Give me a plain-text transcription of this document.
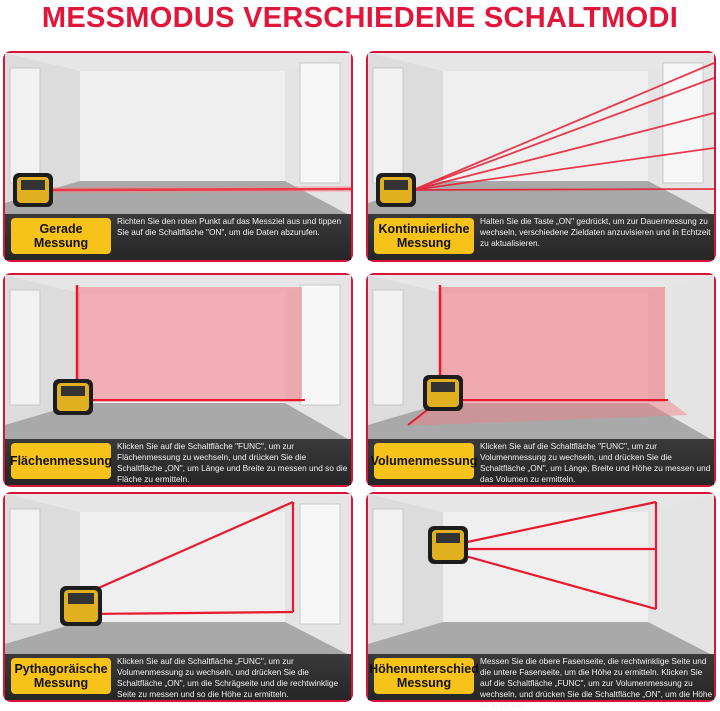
MESSMODUS VERSCHIEDENE SCHALTMODI
Gerade
Messung
Richten Sie den roten Punkt auf das Messziel aus und tippen Sie auf die Schaltfläche "ON", um die Daten abzurufen.	Kontinuierliche
Messung
Halten Sie die Taste „ON" gedrückt, um zur Dauermessung zu wechseln, verschiedene Zieldaten anzuvisieren und in Echtzeit zu aktualisieren.
Flächenmessung
Klicken Sie auf die Schaltfläche "FUNC", um zur Flächenmessung zu wechseln, und drücken Sie die Schaltfläche „ON", um Länge und Breite zu messen und so die Fläche zu ermitteln.
Volumenmessung
Klicken Sie auf die Schaltfläche "FUNC", um zur Volumenmessung zu wechseln, und drücken Sie die Schaltfläche „ON", um Länge, Breite und Höhe zu messen und das Volumen zu ermitteln.
Pythagoräische
Messung
Klicken Sie auf die Schaltfläche „FUNC", um zur Volumenmessung zu wechseln, und drücken Sie die Schaltfläche „ON", um die Schrägseite und die rechtwinklige Seite zu messen und so die Höhe zu ermitteln.
Höhenunterschied
Messung
Messen Sie die obere Fasenseite, die rechtwinklige Seite und die untere Fasenseite, um die Höhe zu ermitteln. Klicken Sie auf die Schaltfläche „FUNC", um zur Volumenmessung zu wechseln, und drücken Sie die Schaltfläche „ON", um die Höhe zu ermitteln.
